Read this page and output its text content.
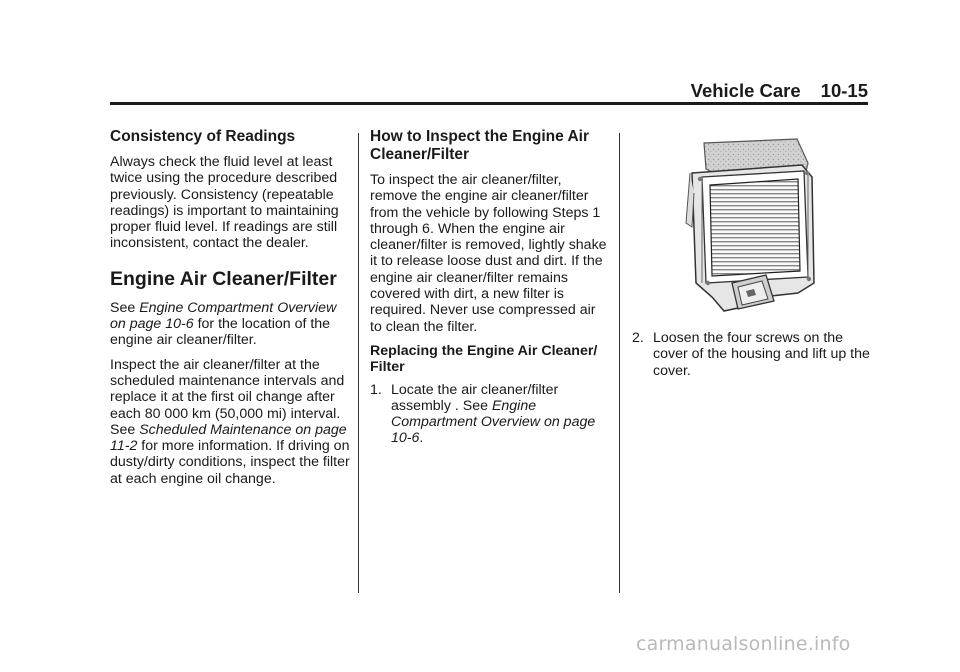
Vehicle Care 10-15
Consistency of Readings

Always check the fluid level at least twice using the procedure described previously. Consistency (repeatable readings) is important to maintaining proper fluid level. If readings are still inconsistent, contact the dealer.

Engine Air Cleaner/Filter

See Engine Compartment Overview on page 10-6 for the location of the engine air cleaner/filter.

Inspect the air cleaner/filter at the scheduled maintenance intervals and replace it at the first oil change after each 80 000 km (50,000 mi) interval. See Scheduled Maintenance on page 11-2 for more information. If driving on dusty/dirty conditions, inspect the filter at each engine oil change.

How to Inspect the Engine Air Cleaner/Filter

To inspect the air cleaner/filter, remove the engine air cleaner/filter from the vehicle by following Steps 1 through 6. When the engine air cleaner/filter is removed, lightly shake it to release loose dust and dirt. If the engine air cleaner/filter remains covered with dirt, a new filter is required. Never use compressed air to clean the filter.

Replacing the Engine Air Cleaner/ Filter
1. Locate the air cleaner/filter assembly . See Engine Compartment Overview on page 10-6.
2. Loosen the four screws on the cover of the housing and lift up the cover.
carmanualsonline.info
